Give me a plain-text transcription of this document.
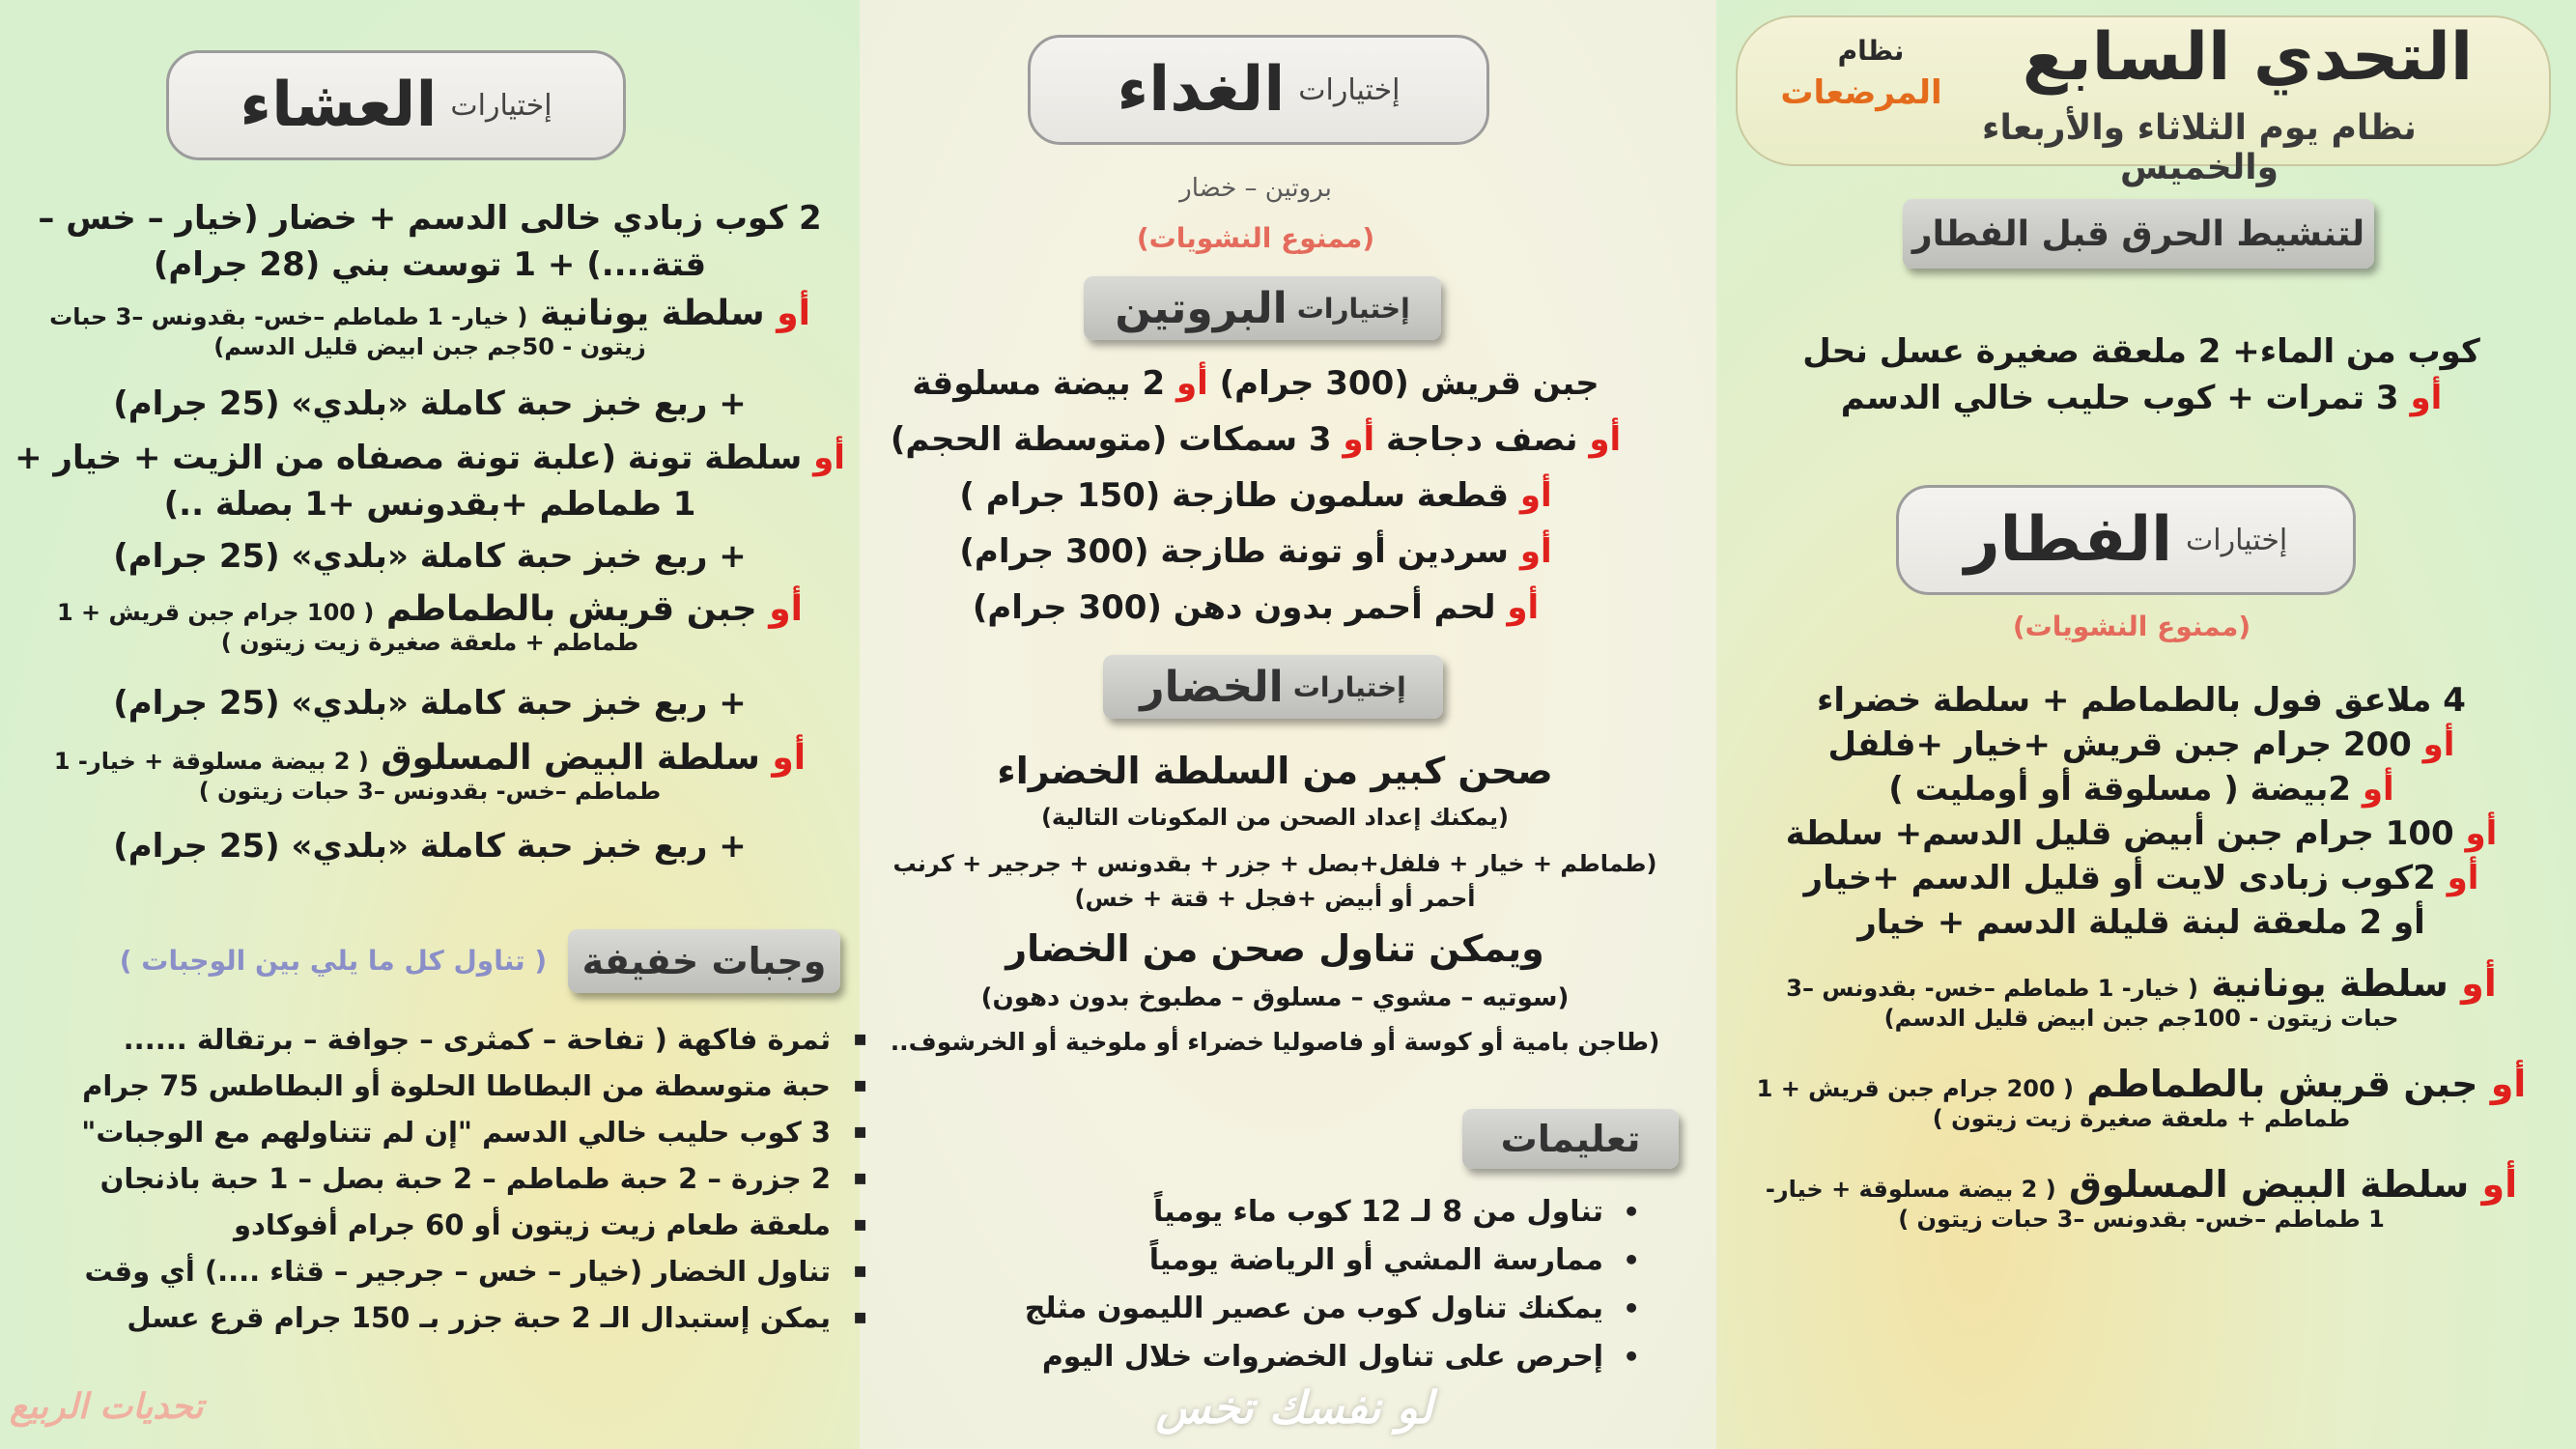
التحدي السابع
نظام
المرضعات
نظام يوم الثلاثاء والأربعاء والخميس
لتنشيط الحرق قبل الفطار
كوب من الماء+ 2 ملعقة صغيرة عسل نحل
أو 3 تمرات + كوب حليب خالي الدسم
إختيارات
الفطار
(ممنوع النشويات)
4 ملاعق فول بالطماطم + سلطة خضراء
أو 200 جرام جبن قريش +خيار +فلفل
أو 2بيضة ( مسلوقة أو أومليت )
أو 100 جرام جبن أبيض قليل الدسم+ سلطة
أو 2كوب زبادى لايت أو قليل الدسم +خيار
أو 2 ملعقة لبنة قليلة الدسم + خيار
أو سلطة يونانية ( خيار- 1 طماطم –خس- بقدونس –3
حبات زيتون - 100جم جبن ابيض قليل الدسم)
أو جبن قريش بالطماطم ( 200 جرام جبن قريش + 1
طماطم + ملعقة صغيرة زيت زيتون )
أو سلطة البيض المسلوق ( 2 بيضة مسلوقة + خيار-
1 طماطم –خس- بقدونس –3 حبات زيتون )
إختيارات
الغداء
بروتين – خضار
(ممنوع النشويات)
إختيارات
البروتين
جبن قريش (300 جرام) أو 2 بيضة مسلوقة
أو نصف دجاجة أو 3 سمكات (متوسطة الحجم)
أو قطعة سلمون طازجة (150 جرام )
أو سردين أو تونة طازجة (300 جرام)
أو لحم أحمر بدون دهن (300 جرام)
إختيارات
الخضار
صحن كبير من السلطة الخضراء
(يمكنك إعداد الصحن من المكونات التالية)
(طماطم + خيار + فلفل+بصل + جزر + بقدونس + جرجير + كرنب
أحمر أو أبيض +فجل + قتة + خس)
ويمكن تناول صحن من الخضار
(سوتيه – مشوي – مسلوق – مطبوخ بدون دهون)
(طاجن بامية أو كوسة أو فاصوليا خضراء أو ملوخية أو الخرشوف..
تعليمات
• تناول من 8 لـ 12 كوب ماء يومياً
• ممارسة المشي أو الرياضة يومياً
• يمكنك تناول كوب من عصير الليمون مثلج
• إحرص على تناول الخضروات خلال اليوم
لو نفسك تخس
إختيارات
العشاء
2 كوب زبادي خالى الدسم + خضار (خيار – خس –
قتة....) + 1 توست بني (28 جرام)
أو سلطة يونانية ( خيار- 1 طماطم –خس- بقدونس –3 حبات
زيتون - 50جم جبن ابيض قليل الدسم)
+ ربع خبز حبة كاملة «بلدي» (25 جرام)
أو سلطة تونة (علبة تونة مصفاه من الزيت + خيار +
1 طماطم +بقدونس +1 بصلة ..)
+ ربع خبز حبة كاملة «بلدي» (25 جرام)
أو جبن قريش بالطماطم ( 100 جرام جبن قريش + 1
طماطم + ملعقة صغيرة زيت زيتون )
+ ربع خبز حبة كاملة «بلدي» (25 جرام)
أو سلطة البيض المسلوق ( 2 بيضة مسلوقة + خيار- 1
طماطم –خس- بقدونس –3 حبات زيتون )
+ ربع خبز حبة كاملة «بلدي» (25 جرام)
وجبات خفيفة
( تناول كل ما يلي بين الوجبات )
▪ ثمرة فاكهة ( تفاحة – كمثرى – جوافة – برتقالة ......
▪ حبة متوسطة من البطاطا الحلوة أو البطاطس 75 جرام
▪ 3 كوب حليب خالي الدسم "إن لم تتناولهم مع الوجبات"
▪ 2 جزرة – 2 حبة طماطم – 2 حبة بصل – 1 حبة باذنجان
▪ ملعقة طعام زيت زيتون أو 60 جرام أفوكادو
▪ تناول الخضار (خيار – خس – جرجير – قثاء ....) أي وقت
▪ يمكن إستبدال الـ 2 حبة جزر بـ 150 جرام قرع عسل
تحديات الربيع
